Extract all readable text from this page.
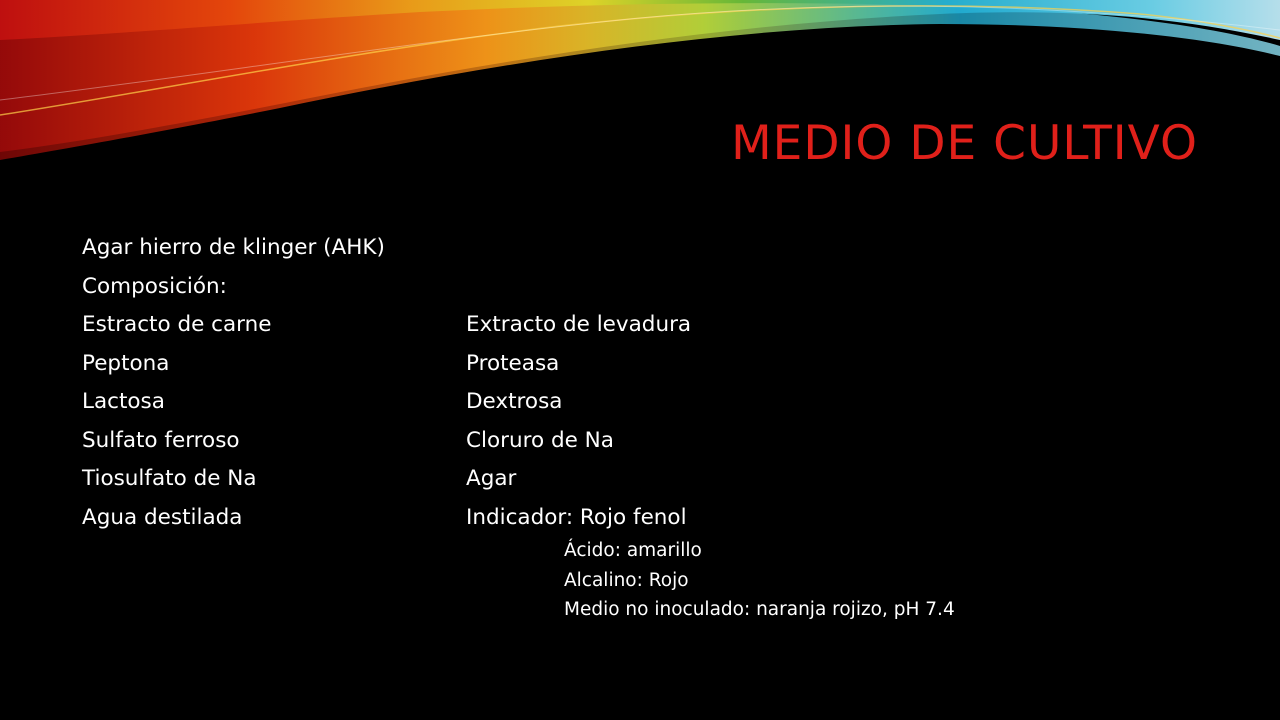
MEDIO DE CULTIVO
Agar hierro de klinger (AHK)
Composición:
Estracto de carne	Extracto de levadura
Peptona	Proteasa
Lactosa	Dextrosa
Sulfato ferroso	Cloruro de Na
Tiosulfato de Na	Agar
Agua destilada	Indicador: Rojo fenol
Ácido: amarillo
Alcalino: Rojo
Medio no inoculado: naranja rojizo, pH 7.4
